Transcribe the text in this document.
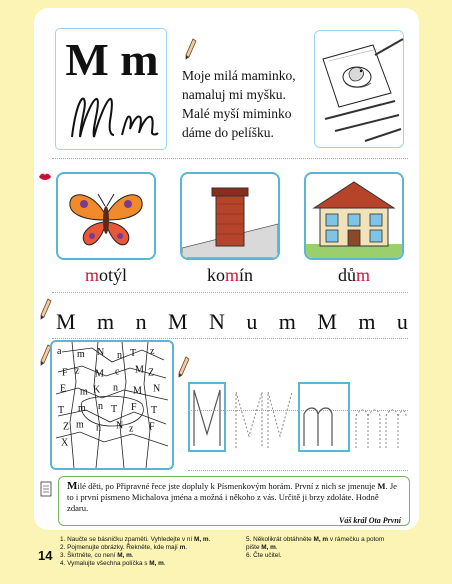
M m	Moje milá maminko,
namaluj mi myšku.
Malé myší miminko
dáme do pelíšku.
motýl	komín	dům
M m n M N u m M m u
a m N n T z
F z M c M Z
E m K n M N
T m n T F T
Z m n N z F
X
Milé děti, po Připravné řece jste dopluly k Písmenkovým horám. První z nich se jmenuje M. Je to i první písmeno Michalova jména a možná i někoho z vás. Určitě ji brzy zdoláte. Hodně zdaru.
Váš král Ota První
14
1. Naučte se básničku zpaměti. Vyhledejte v ní M, m.
2. Pojmenujte obrázky. Řekněte, kde mají m.
3. Škrtněte, co není M, m.
4. Vymalujte všechna políčka s M, m.
5. Několikrát obtáhněte M, m v rámečku a potom
pište M, m.
6. Čte učitel.
